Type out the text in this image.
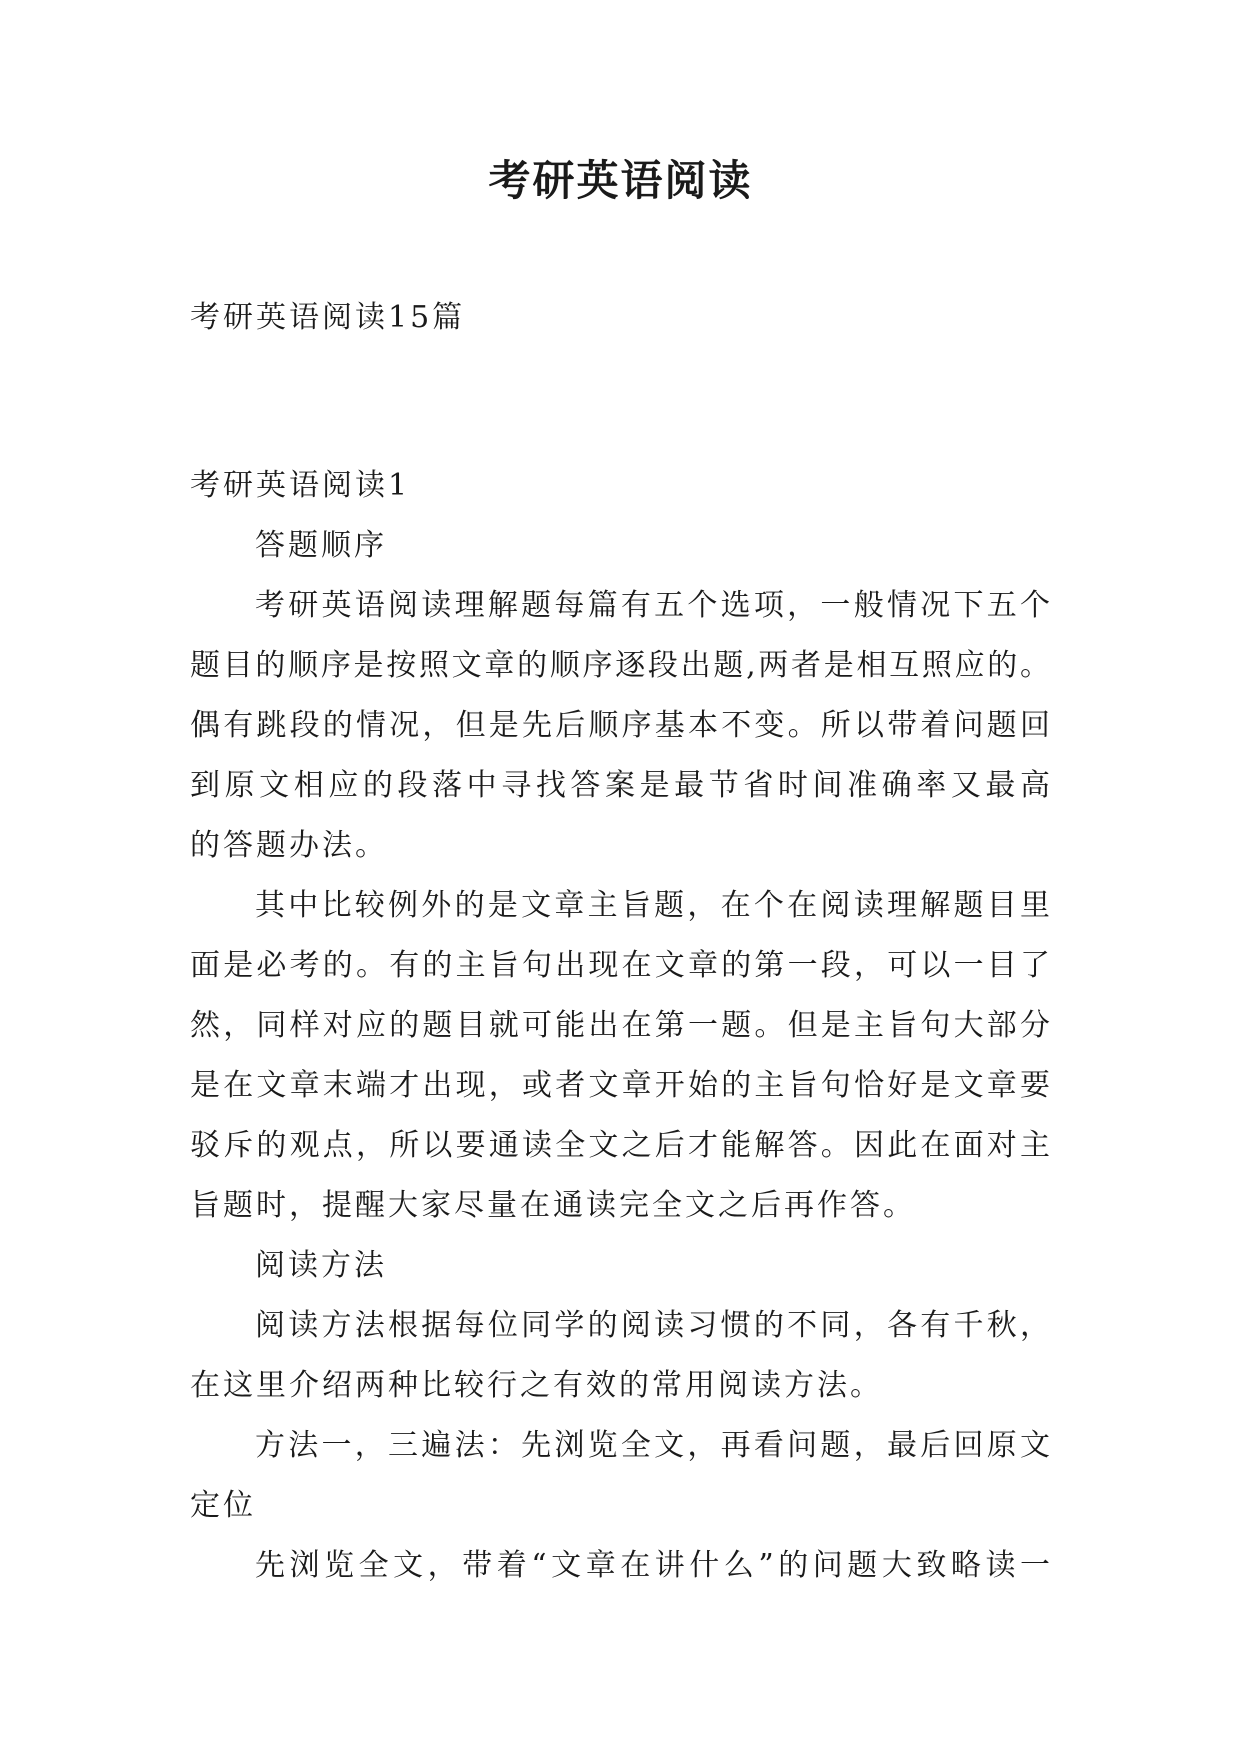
考研英语阅读

考研英语阅读15篇

考研英语阅读1

答题顺序

考研英语阅读理解题每篇有五个选项，一般情况下五个

题目的顺序是按照文章的顺序逐段出题,两者是相互照应的。

偶有跳段的情况，但是先后顺序基本不变。所以带着问题回

到原文相应的段落中寻找答案是最节省时间准确率又最高

的答题办法。

其中比较例外的是文章主旨题，在个在阅读理解题目里

面是必考的。有的主旨句出现在文章的第一段，可以一目了

然，同样对应的题目就可能出在第一题。但是主旨句大部分

是在文章末端才出现，或者文章开始的主旨句恰好是文章要

驳斥的观点，所以要通读全文之后才能解答。因此在面对主

旨题时，提醒大家尽量在通读完全文之后再作答。

阅读方法

阅读方法根据每位同学的阅读习惯的不同，各有千秋，

在这里介绍两种比较行之有效的常用阅读方法。

方法一，三遍法：先浏览全文，再看问题，最后回原文

定位

先浏览全文，带着“文章在讲什么”的问题大致略读一
